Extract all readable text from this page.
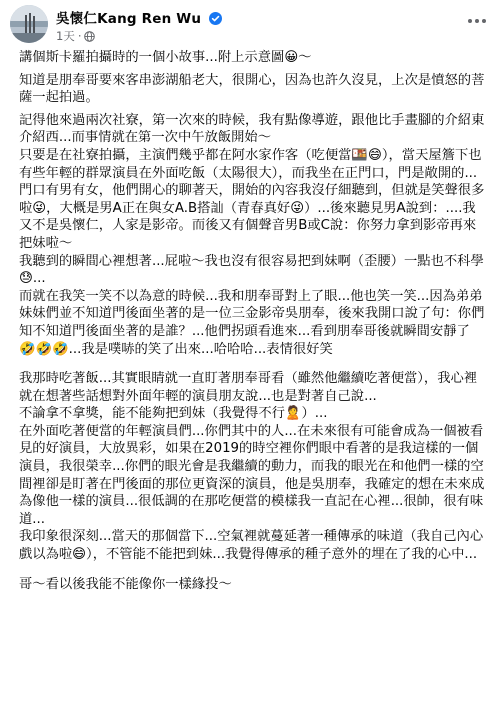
吳懷仁Kang Ren Wu
1天 ·

講個斯卡羅拍攝時的一個小故事...附上示意圖😀～

知道是朋奉哥要來客串澎湖船老大，很開心，因為也許久沒見，上次是憤怒的菩薩一起拍過。

記得他來過兩次社寮，第一次來的時候，我有點像導遊，跟他比手畫腳的介紹東介紹西...而事情就在第一次中午放飯開始～
只要是在社寮拍攝，主演們幾乎都在阿水家作客（吃便當🍱😄），當天屋簷下也有些年輕的群眾演員在外面吃飯（太陽很大），而我坐在正門口，門是敞開的...
門口有男有女，他們開心的聊著天，開始的內容我沒仔細聽到，但就是笑聲很多啦😜，大概是男A正在與女A.B搭訕（青春真好😜）...後來聽見男A說到：....我又不是吳懷仁，人家是影帝。而後又有個聲音男B或C說：你努力拿到影帝再來把妹啦～
我聽到的瞬間心裡想著...屁啦～我也沒有很容易把到妹啊（歪腰）一點也不科學😓...
而就在我笑一笑不以為意的時候...我和朋奉哥對上了眼...他也笑一笑...因為弟弟妹妹們並不知道門後面坐著的是一位三金影帝吳朋奉，後來我開口說了句：你們知不知道門後面坐著的是誰？...他們拐頭看進來...看到朋奉哥後就瞬間安靜了🤣🤣🤣...我是噗哧的笑了出來...哈哈哈...表情很好笑

我那時吃著飯...其實眼睛就一直盯著朋奉哥看（雖然他繼續吃著便當），我心裡就在想著些話想對外面年輕的演員朋友說...也是對著自己說...
不論拿不拿獎，能不能夠把到妹（我覺得不行🙎）...
在外面吃著便當的年輕演員們...你們其中的人...在未來很有可能會成為一個被看見的好演員，大放異彩，如果在2019的時空裡你們眼中看著的是我這樣的一個演員，我很榮幸...你們的眼光會是我繼續的動力，而我的眼光在和他們一樣的空間裡卻是盯著在門後面的那位更資深的演員，他是吳朋奉，我確定的想在未來成為像他一樣的演員...很低調的在那吃便當的模樣我一直記在心裡...很帥，很有味道...
我印象很深刻...當天的那個當下...空氣裡就蔓延著一種傳承的味道（我自己內心戲以為啦😄），不管能不能把到妹...我覺得傳承的種子意外的埋在了我的心中...

哥～看以後我能不能像你一樣緣投～
